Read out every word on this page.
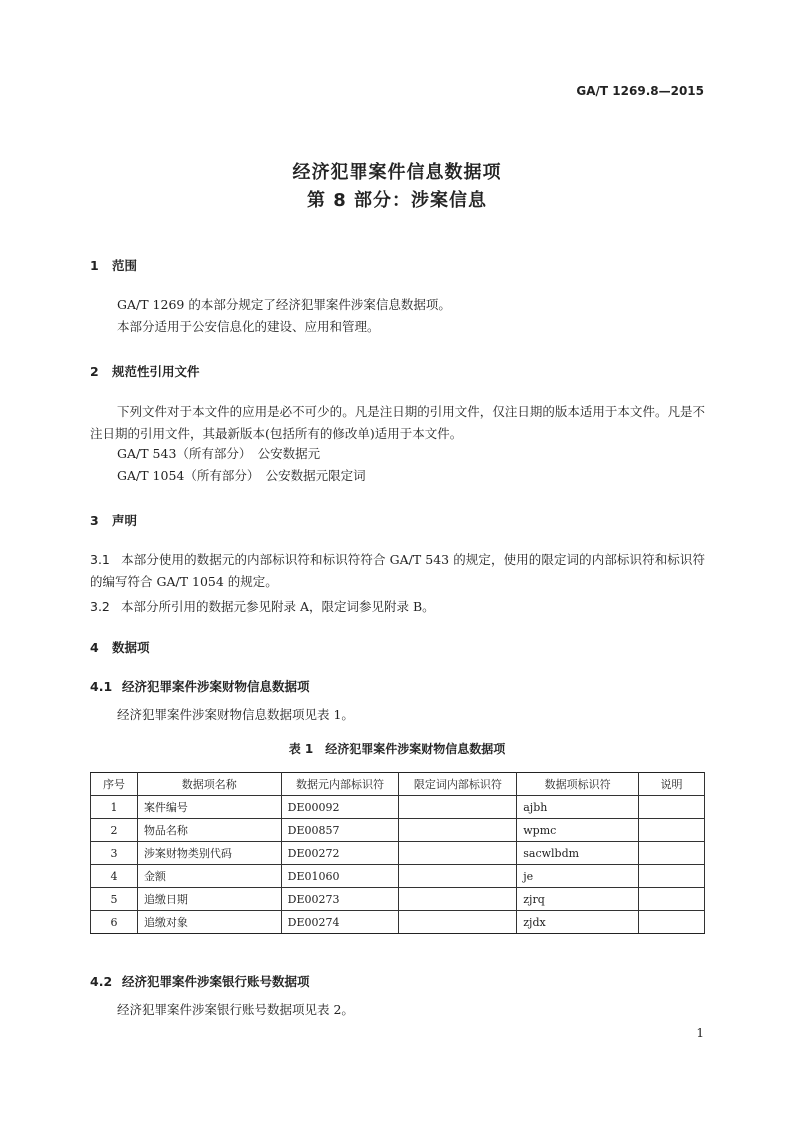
GA/T 1269.8—2015
经济犯罪案件信息数据项
第 8 部分：涉案信息
1 范围
GA/T 1269 的本部分规定了经济犯罪案件涉案信息数据项。
本部分适用于公安信息化的建设、应用和管理。
2 规范性引用文件
下列文件对于本文件的应用是必不可少的。凡是注日期的引用文件，仅注日期的版本适用于本文件。凡是不注日期的引用文件，其最新版本(包括所有的修改单)适用于本文件。
GA/T 543（所有部分）　公安数据元
GA/T 1054（所有部分）　公安数据元限定词
3 声明
3.1 本部分使用的数据元的内部标识符和标识符符合 GA/T 543 的规定，使用的限定词的内部标识符和标识符的编写符合 GA/T 1054 的规定。
3.2 本部分所引用的数据元参见附录 A，限定词参见附录 B。
4 数据项
4.1 经济犯罪案件涉案财物信息数据项
经济犯罪案件涉案财物信息数据项见表 1。
表 1　经济犯罪案件涉案财物信息数据项
序号	数据项名称	数据元内部标识符	限定词内部标识符	数据项标识符	说明
1	案件编号	DE00092		ajbh	
2	物品名称	DE00857		wpmc	
3	涉案财物类别代码	DE00272		sacwlbdm	
4	金额	DE01060		je	
5	追缴日期	DE00273		zjrq	
6	追缴对象	DE00274		zjdx	
4.2 经济犯罪案件涉案银行账号数据项
经济犯罪案件涉案银行账号数据项见表 2。
1
